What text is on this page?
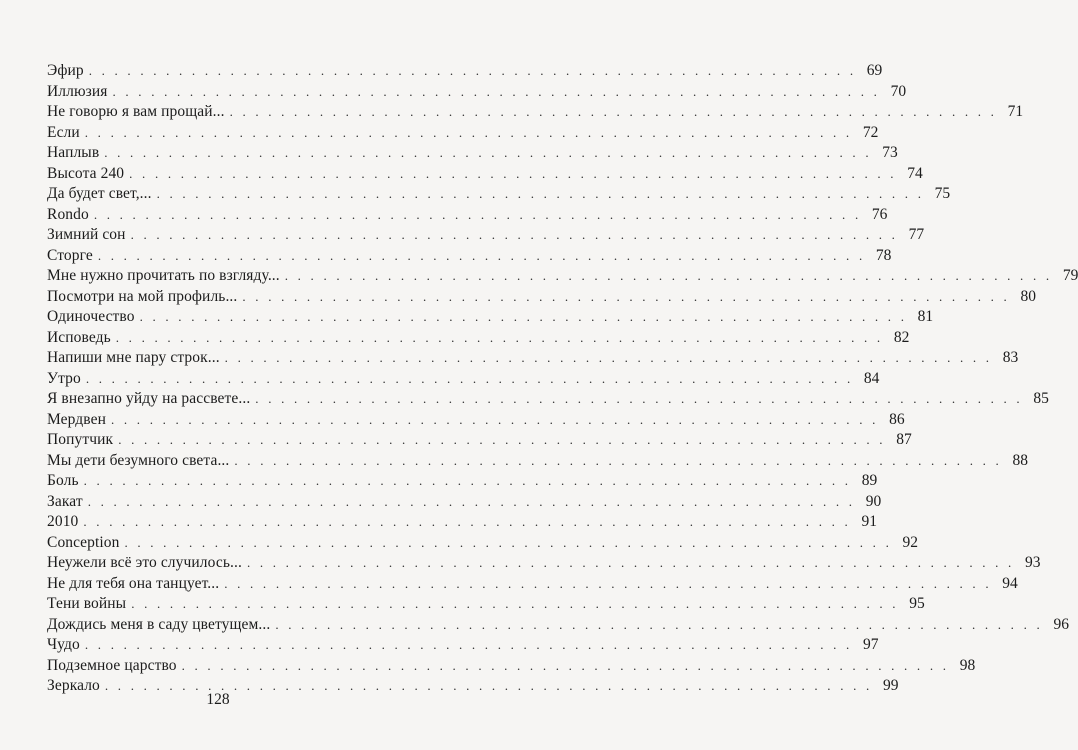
Эфир . . . . . . . . . . . . . . . . . . . . . . . . . . . . . . . . . . . . . . . . . . . . . . . . . . . . . . . . . . . . 69
Иллюзия . . . . . . . . . . . . . . . . . . . . . . . . . . . . . . . . . . . . . . . . . . . . . . . . . . . . . . . . . . . . 70
Не говорю я вам прощай... . . . . . . . . . . . . . . . . . . . . . . . . . . . . . . . . . . . . . . . . . . . . . . . . . . . . . . . . . . . . 71
Если . . . . . . . . . . . . . . . . . . . . . . . . . . . . . . . . . . . . . . . . . . . . . . . . . . . . . . . . . . . . 72
Наплыв . . . . . . . . . . . . . . . . . . . . . . . . . . . . . . . . . . . . . . . . . . . . . . . . . . . . . . . . . . . . 73
Высота 240 . . . . . . . . . . . . . . . . . . . . . . . . . . . . . . . . . . . . . . . . . . . . . . . . . . . . . . . . . . . . 74
Да будет свет,... . . . . . . . . . . . . . . . . . . . . . . . . . . . . . . . . . . . . . . . . . . . . . . . . . . . . . . . . . . . . 75
Rondo . . . . . . . . . . . . . . . . . . . . . . . . . . . . . . . . . . . . . . . . . . . . . . . . . . . . . . . . . . . . 76
Зимний сон . . . . . . . . . . . . . . . . . . . . . . . . . . . . . . . . . . . . . . . . . . . . . . . . . . . . . . . . . . . . 77
Сторге . . . . . . . . . . . . . . . . . . . . . . . . . . . . . . . . . . . . . . . . . . . . . . . . . . . . . . . . . . . . 78
Мне нужно прочитать по взгляду... . . . . . . . . . . . . . . . . . . . . . . . . . . . . . . . . . . . . . . . . . . . . . . . . . . . . . . . . . . . . 79
Посмотри на мой профиль... . . . . . . . . . . . . . . . . . . . . . . . . . . . . . . . . . . . . . . . . . . . . . . . . . . . . . . . . . . . . 80
Одиночество . . . . . . . . . . . . . . . . . . . . . . . . . . . . . . . . . . . . . . . . . . . . . . . . . . . . . . . . . . . . 81
Исповедь . . . . . . . . . . . . . . . . . . . . . . . . . . . . . . . . . . . . . . . . . . . . . . . . . . . . . . . . . . . . 82
Напиши мне пару строк... . . . . . . . . . . . . . . . . . . . . . . . . . . . . . . . . . . . . . . . . . . . . . . . . . . . . . . . . . . . . 83
Утро . . . . . . . . . . . . . . . . . . . . . . . . . . . . . . . . . . . . . . . . . . . . . . . . . . . . . . . . . . . . 84
Я внезапно уйду на рассвете... . . . . . . . . . . . . . . . . . . . . . . . . . . . . . . . . . . . . . . . . . . . . . . . . . . . . . . . . . . . . 85
Мердвен . . . . . . . . . . . . . . . . . . . . . . . . . . . . . . . . . . . . . . . . . . . . . . . . . . . . . . . . . . . . 86
Попутчик . . . . . . . . . . . . . . . . . . . . . . . . . . . . . . . . . . . . . . . . . . . . . . . . . . . . . . . . . . . . 87
Мы дети безумного света... . . . . . . . . . . . . . . . . . . . . . . . . . . . . . . . . . . . . . . . . . . . . . . . . . . . . . . . . . . . . 88
Боль . . . . . . . . . . . . . . . . . . . . . . . . . . . . . . . . . . . . . . . . . . . . . . . . . . . . . . . . . . . . 89
Закат . . . . . . . . . . . . . . . . . . . . . . . . . . . . . . . . . . . . . . . . . . . . . . . . . . . . . . . . . . . . 90
2010 . . . . . . . . . . . . . . . . . . . . . . . . . . . . . . . . . . . . . . . . . . . . . . . . . . . . . . . . . . . . 91
Conception . . . . . . . . . . . . . . . . . . . . . . . . . . . . . . . . . . . . . . . . . . . . . . . . . . . . . . . . . . . . 92
Неужели всё это случилось... . . . . . . . . . . . . . . . . . . . . . . . . . . . . . . . . . . . . . . . . . . . . . . . . . . . . . . . . . . . . 93
Не для тебя она танцует... . . . . . . . . . . . . . . . . . . . . . . . . . . . . . . . . . . . . . . . . . . . . . . . . . . . . . . . . . . . . 94
Тени войны . . . . . . . . . . . . . . . . . . . . . . . . . . . . . . . . . . . . . . . . . . . . . . . . . . . . . . . . . . . . 95
Дождись меня в саду цветущем... . . . . . . . . . . . . . . . . . . . . . . . . . . . . . . . . . . . . . . . . . . . . . . . . . . . . . . . . . . . . 96
Чудо . . . . . . . . . . . . . . . . . . . . . . . . . . . . . . . . . . . . . . . . . . . . . . . . . . . . . . . . . . . . 97
Подземное царство . . . . . . . . . . . . . . . . . . . . . . . . . . . . . . . . . . . . . . . . . . . . . . . . . . . . . . . . . . . . 98
Зеркало . . . . . . . . . . . . . . . . . . . . . . . . . . . . . . . . . . . . . . . . . . . . . . . . . . . . . . . . . . . . 99
128
